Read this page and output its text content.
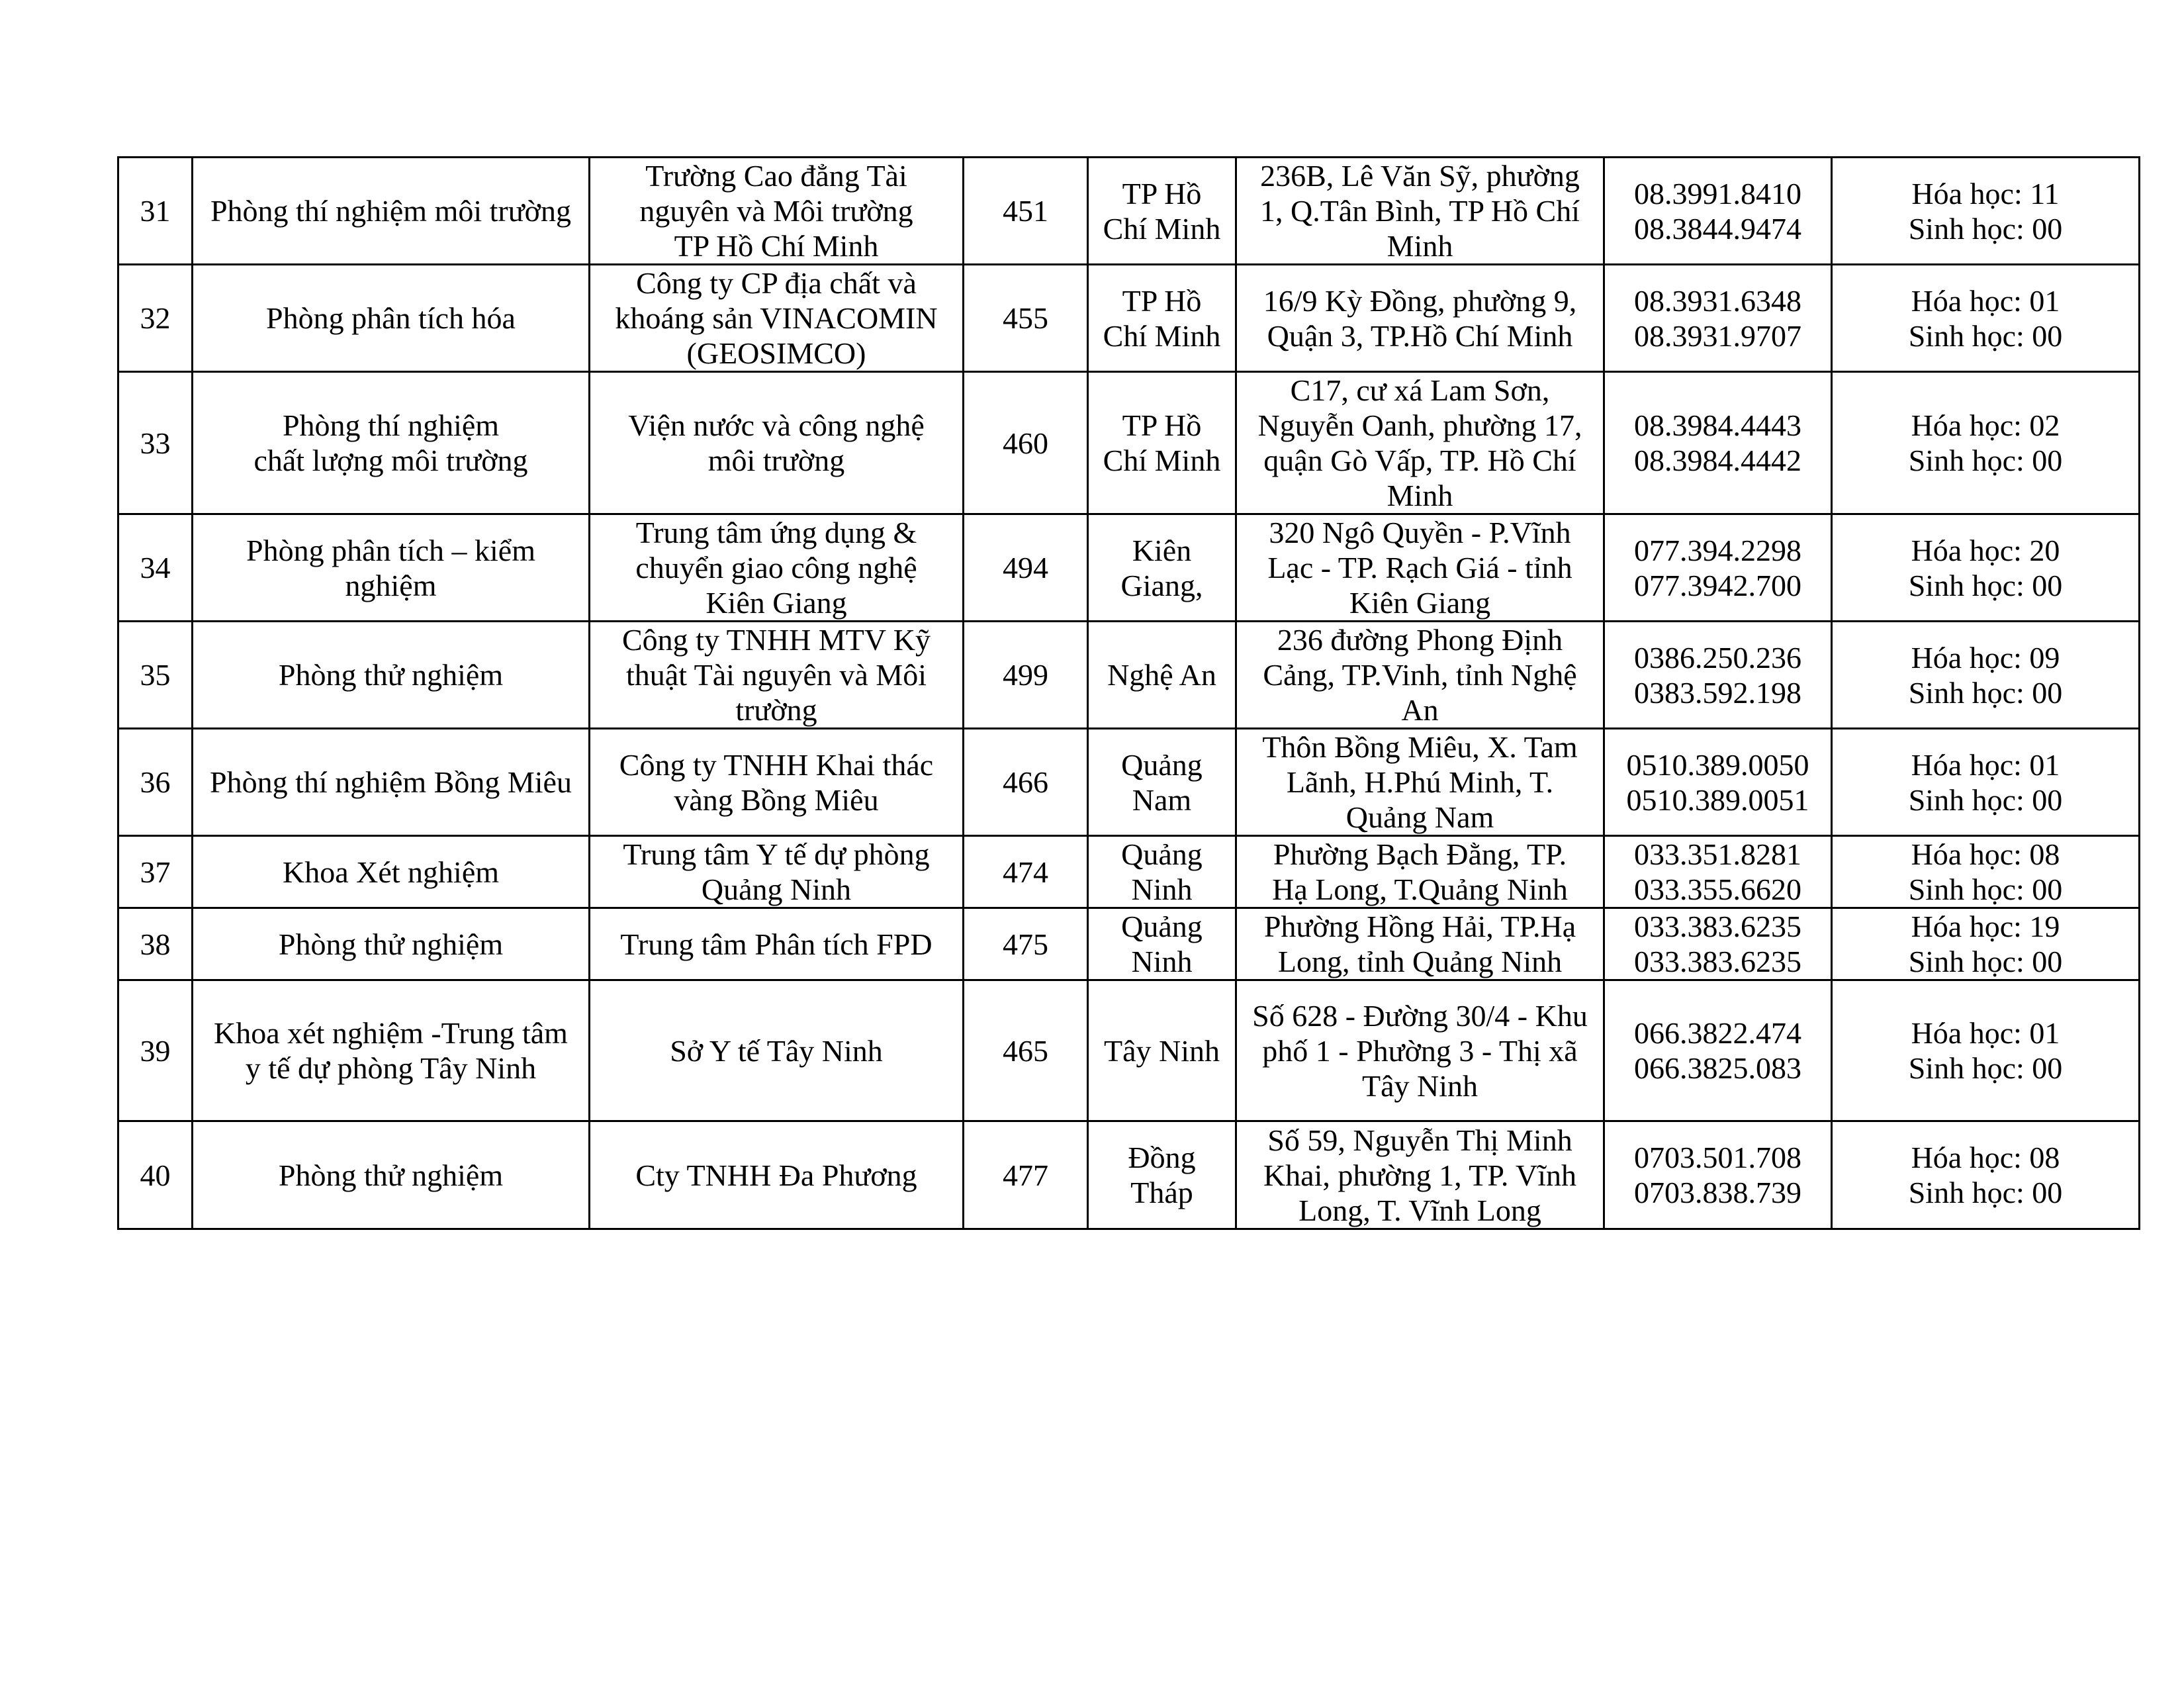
31	Phòng thí nghiệm môi trường	Trường Cao đẳng Tài
nguyên và Môi trường
TP Hồ Chí Minh	451	TP Hồ
Chí Minh	236B, Lê Văn Sỹ, phường
1, Q.Tân Bình, TP Hồ Chí
Minh	08.3991.8410
08.3844.9474	Hóa học: 11
Sinh học: 00

32	Phòng phân tích hóa	Công ty CP địa chất và
khoáng sản VINACOMIN
(GEOSIMCO)	455	TP Hồ
Chí Minh	16/9 Kỳ Đồng, phường 9,
Quận 3, TP.Hồ Chí Minh	08.3931.6348
08.3931.9707	Hóa học: 01
Sinh học: 00

33	Phòng thí nghiệm
chất lượng môi trường	Viện nước và công nghệ
môi trường	460	TP Hồ
Chí Minh	C17, cư xá Lam Sơn,
Nguyễn Oanh, phường 17,
quận Gò Vấp, TP. Hồ Chí
Minh	08.3984.4443
08.3984.4442	Hóa học: 02
Sinh học: 00

34	Phòng phân tích – kiểm
nghiệm	Trung tâm ứng dụng &
chuyển giao công nghệ
Kiên Giang	494	Kiên
Giang,	320 Ngô Quyền - P.Vĩnh
Lạc - TP. Rạch Giá - tỉnh
Kiên Giang	077.394.2298
077.3942.700	Hóa học: 20
Sinh học: 00

35	Phòng thử nghiệm	Công ty TNHH MTV Kỹ
thuật Tài nguyên và Môi
trường	499	Nghệ An	236 đường Phong Định
Cảng, TP.Vinh, tỉnh Nghệ
An	0386.250.236
0383.592.198	Hóa học: 09
Sinh học: 00

36	Phòng thí nghiệm Bồng Miêu	Công ty TNHH Khai thác
vàng Bồng Miêu	466	Quảng
Nam	Thôn Bồng Miêu, X. Tam
Lãnh, H.Phú Minh, T.
Quảng Nam	0510.389.0050
0510.389.0051	Hóa học: 01
Sinh học: 00

37	Khoa Xét nghiệm	Trung tâm Y tế dự phòng
Quảng Ninh	474	Quảng
Ninh	Phường Bạch Đằng, TP.
Hạ Long, T.Quảng Ninh	033.351.8281
033.355.6620	Hóa học: 08
Sinh học: 00

38	Phòng thử nghiệm	Trung tâm Phân tích FPD	475	Quảng
Ninh	Phường Hồng Hải, TP.Hạ
Long, tỉnh Quảng Ninh	033.383.6235
033.383.6235	Hóa học: 19
Sinh học: 00

39	Khoa xét nghiệm -Trung tâm
y tế dự phòng Tây Ninh	Sở Y tế Tây Ninh	465	Tây Ninh	Số 628 - Đường 30/4 - Khu
phố 1 - Phường 3 - Thị xã
Tây Ninh	066.3822.474
066.3825.083	Hóa học: 01
Sinh học: 00

40	Phòng thử nghiệm	Cty TNHH Đa Phương	477	Đồng
Tháp	Số 59, Nguyễn Thị Minh
Khai, phường 1, TP. Vĩnh
Long, T. Vĩnh Long	0703.501.708
0703.838.739	Hóa học: 08
Sinh học: 00
